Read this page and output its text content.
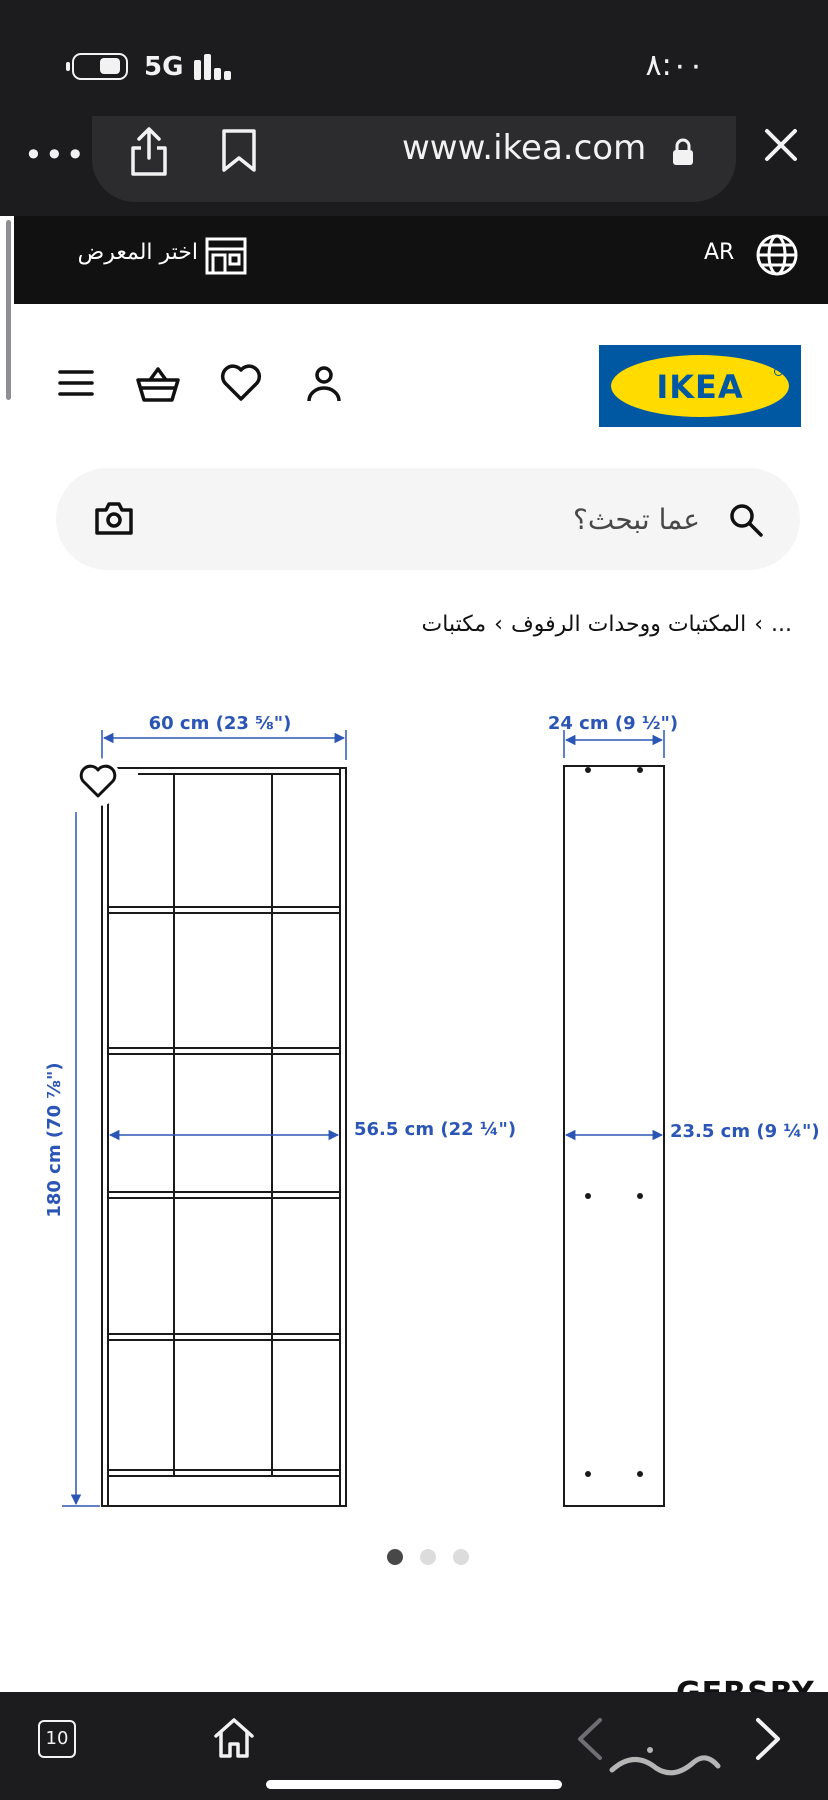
5G	٨:٠٠
•••	www.ikea.com
اختر المعرض	AR
IKEA
عما تبحث؟
...
‹
المكتبات ووحدات الرفوف
‹
مكتبات
60 cm (23 ⅝")
56.5 cm (22 ¼")
180 cm (70 ⅞")
24 cm (9 ½")
23.5 cm (9 ¼")
10
